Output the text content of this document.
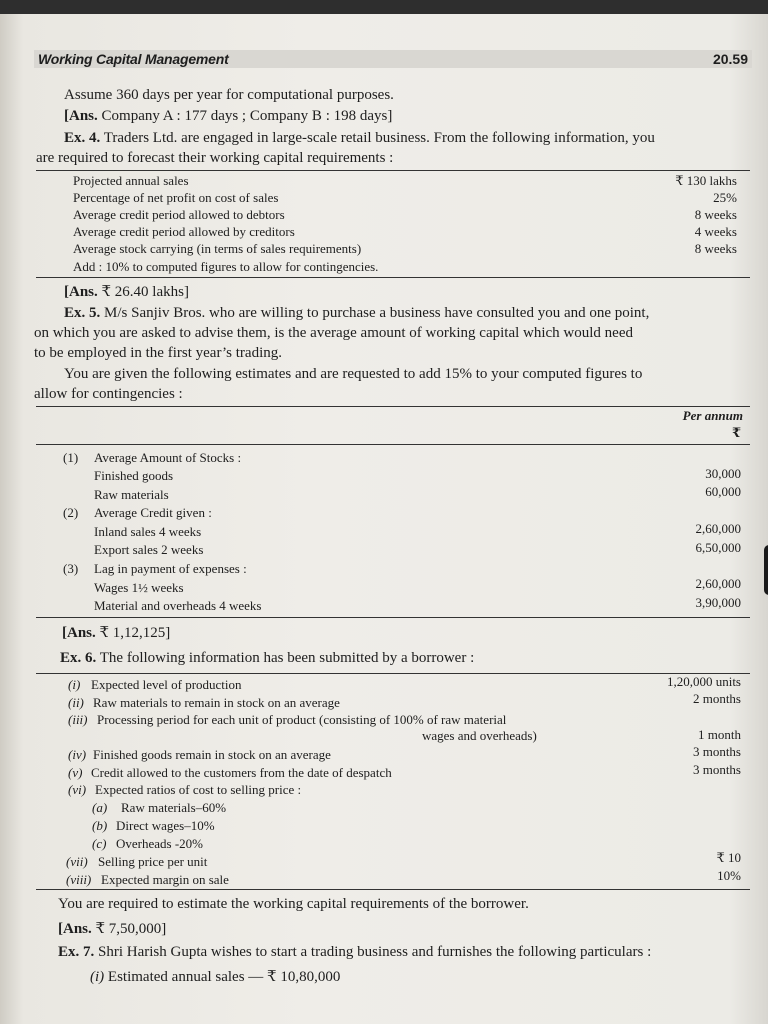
Working Capital Management	20.59
Assume 360 days per year for computational purposes.
[Ans. Company A : 177 days ; Company B : 198 days]
Ex. 4. Traders Ltd. are engaged in large-scale retail business. From the following information, you
are required to forecast their working capital requirements :
Projected annual sales	₹ 130 lakhs
Percentage of net profit on cost of sales	25%
Average credit period allowed to debtors	8 weeks
Average credit period allowed by creditors	4 weeks
Average stock carrying (in terms of sales requirements)	8 weeks
Add : 10% to computed figures to allow for contingencies.
[Ans. ₹ 26.40 lakhs]
Ex. 5. M/s Sanjiv Bros. who are willing to purchase a business have consulted you and one point,
on which you are asked to advise them, is the average amount of working capital which would need
to be employed in the first year’s trading.
You are given the following estimates and are requested to add 15% to your computed figures to
allow for contingencies :
Per annum
₹
(1) Average Amount of Stocks :
Finished goods	30,000
Raw materials	60,000
(2) Average Credit given :
Inland sales 4 weeks	2,60,000
Export sales 2 weeks	6,50,000
(3) Lag in payment of expenses :
Wages 1½ weeks	2,60,000
Material and overheads 4 weeks	3,90,000
[Ans. ₹ 1,12,125]
Ex. 6. The following information has been submitted by a borrower :
(i) Expected level of production	1,20,000 units
(ii) Raw materials to remain in stock on an average	2 months
(iii) Processing period for each unit of product (consisting of 100% of raw material
wages and overheads)	1 month
(iv) Finished goods remain in stock on an average	3 months
(v) Credit allowed to the customers from the date of despatch	3 months
(vi) Expected ratios of cost to selling price :
(a) Raw materials–60%
(b) Direct wages–10%
(c) Overheads -20%
(vii) Selling price per unit	₹ 10
(viii) Expected margin on sale	10%
You are required to estimate the working capital requirements of the borrower.
[Ans. ₹ 7,50,000]
Ex. 7. Shri Harish Gupta wishes to start a trading business and furnishes the following particulars :
(i) Estimated annual sales — ₹ 10,80,000
